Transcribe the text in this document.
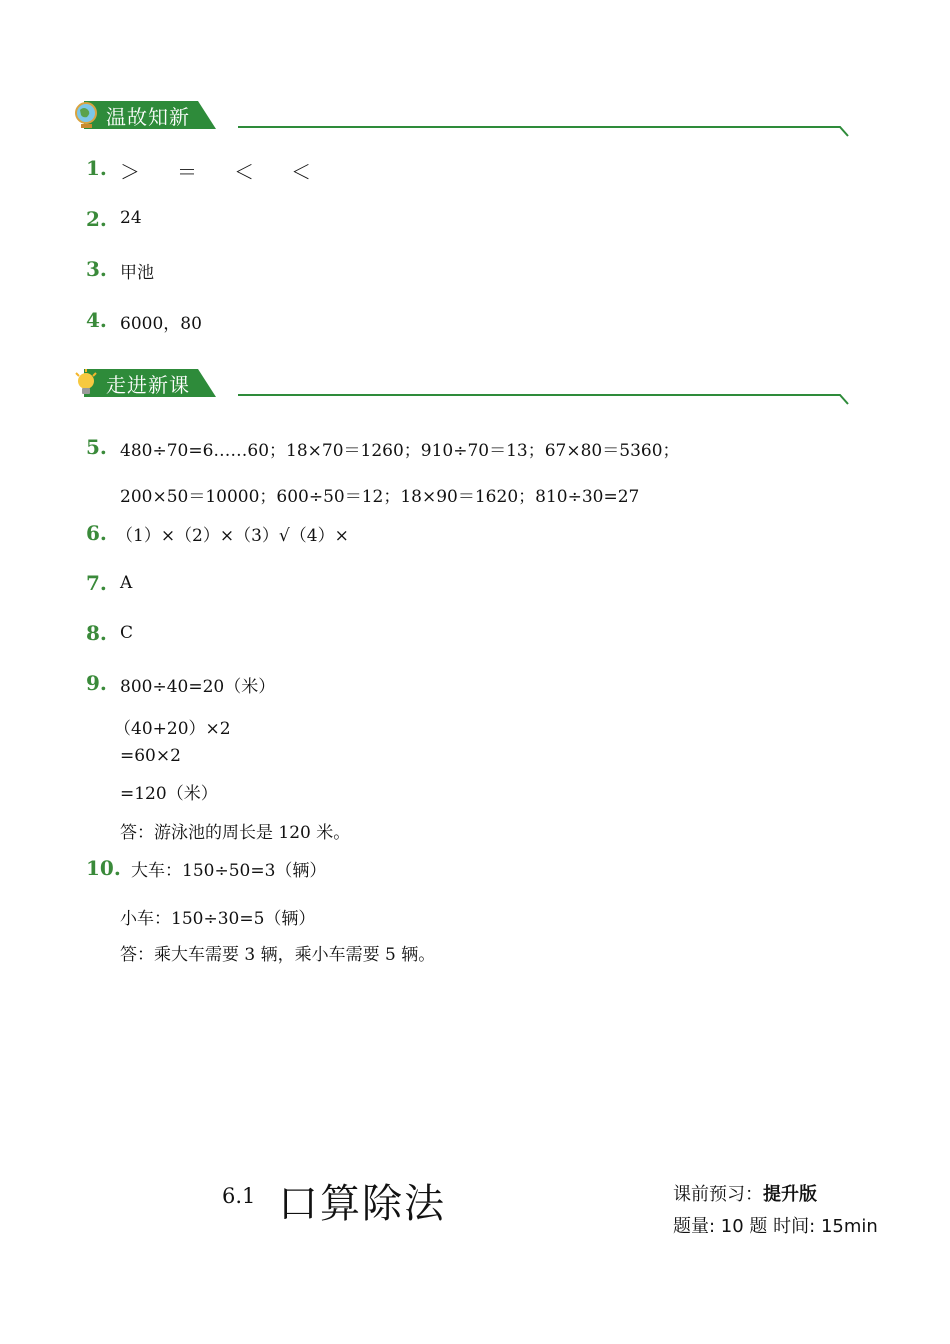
温故知新
1. ＞ ＝ ＜ ＜
2. 24
3. 甲池
4. 6000，80
走进新课
5. 480÷70=6……60；18×70＝1260；910÷70＝13；67×80＝5360；
200×50＝10000；600÷50＝12；18×90＝1620；810÷30=27
6. （1）×（2）×（3）√（4）×
7. A
8. C
9. 800÷40=20（米）
（40+20）×2
=60×2
=120（米）
答：游泳池的周长是 120 米。
10. 大车：150÷50=3（辆）
小车：150÷30=5（辆）
答：乘大车需要 3 辆，乘小车需要 5 辆。
6.1 口算除法	课前预习：提升版
题量: 10 题 时间: 15min
